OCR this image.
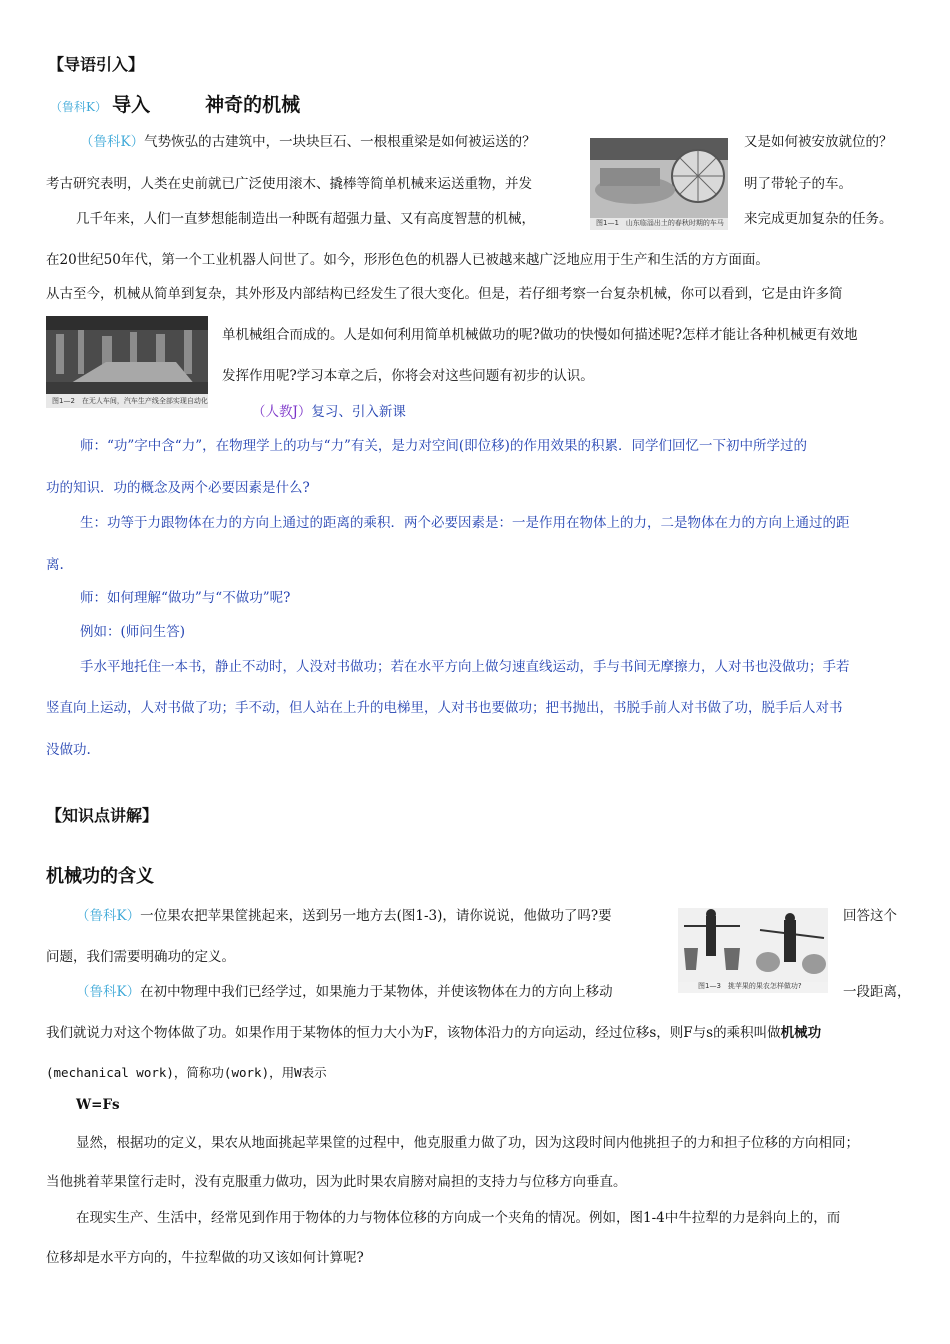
【导语引入】
（鲁科K） 导入	神奇的机械
（鲁科K）气势恢弘的古建筑中，一块块巨石、一根根重梁是如何被运送的？	又是如何被安放就位的？
考古研究表明，人类在史前就已广泛使用滚木、撬棒等简单机械来运送重物，并发	明了带轮子的车。
几千年来，人们一直梦想能制造出一种既有超强力量、又有高度智慧的机械，	来完成更加复杂的任务。
在20世纪50年代，第一个工业机器人问世了。如今，形形色色的机器人已被越来越广泛地应用于生产和生活的方方面面。
从古至今，机械从简单到复杂，其外形及内部结构已经发生了很大变化。但是，若仔细考察一台复杂机械，你可以看到，它是由许多简
单机械组合而成的。人是如何利用简单机械做功的呢?做功的快慢如何描述呢?怎样才能让各种机械更有效地
发挥作用呢?学习本章之后，你将会对这些问题有初步的认识。
图1—1　山东临淄出土的春秋时期的车马
图1—2　在无人车间，汽车生产线全部实现自动化
（人教J）复习、引入新课
师：“功”字中含“力”，在物理学上的功与“力”有关，是力对空间(即位移)的作用效果的积累．同学们回忆一下初中所学过的
功的知识．功的概念及两个必要因素是什么?
生：功等于力跟物体在力的方向上通过的距离的乘积．两个必要因素是：一是作用在物体上的力，二是物体在力的方向上通过的距
离.
师：如何理解“做功”与“不做功”呢?
例如：(师问生答)
手水平地托住一本书，静止不动时，人没对书做功；若在水平方向上做匀速直线运动，手与书间无摩擦力，人对书也没做功；手若
竖直向上运动，人对书做了功；手不动，但人站在上升的电梯里，人对书也要做功；把书抛出，书脱手前人对书做了功，脱手后人对书
没做功.
【知识点讲解】
机械功的含义
（鲁科K）一位果农把苹果筐挑起来，送到另一地方去(图1-3)，请你说说，他做功了吗?要	回答这个
问题，我们需要明确功的定义。
（鲁科K）在初中物理中我们已经学过，如果施力于某物体，并使该物体在力的方向上移动	一段距离，
我们就说力对这个物体做了功。如果作用于某物体的恒力大小为F，该物体沿力的方向运动，经过位移s，则F与s的乘积叫做机械功
(mechanical work)，简称功(work)，用W表示
W=Fs
显然，根据功的定义，果农从地面挑起苹果筐的过程中，他克服重力做了功，因为这段时间内他挑担子的力和担子位移的方向相同；
当他挑着苹果筐行走时，没有克服重力做功，因为此时果农肩膀对扁担的支持力与位移方向垂直。
在现实生产、生活中，经常见到作用于物体的力与物体位移的方向成一个夹角的情况。例如，图1-4中牛拉犁的力是斜向上的，而
位移却是水平方向的，牛拉犁做的功又该如何计算呢?
图1—3　挑苹果的果农怎样做功?
